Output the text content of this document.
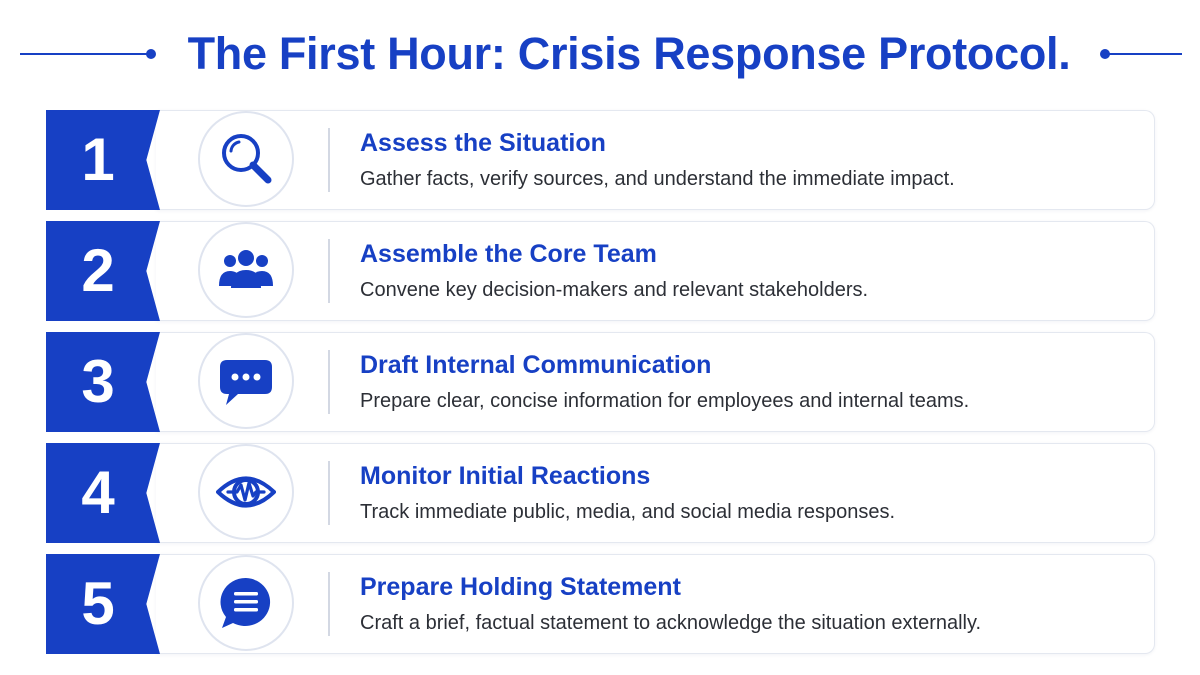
The First Hour: Crisis Response Protocol.
1	Assess the Situation
Gather facts, verify sources, and understand the immediate impact.
2	Assemble the Core Team
Convene key decision-makers and relevant stakeholders.
3	Draft Internal Communication
Prepare clear, concise information for employees and internal teams.
4	Monitor Initial Reactions
Track immediate public, media, and social media responses.
5	Prepare Holding Statement
Craft a brief, factual statement to acknowledge the situation externally.
